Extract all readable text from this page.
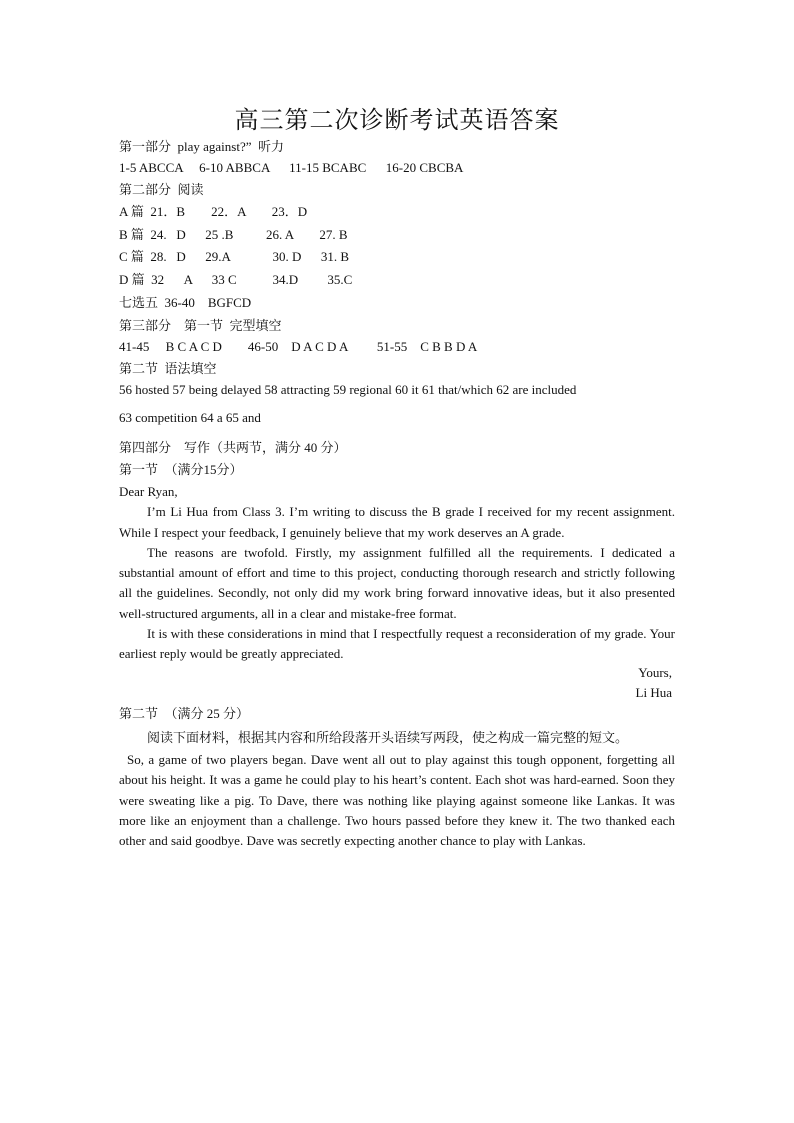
高三第二次诊断考试英语答案
第一部分  play against?”  听力
1-5 ABCCA     6-10 ABBCA      11-15 BCABC      16-20 CBCBA
第二部分  阅读
A 篇  21．B        22．A        23．D
B 篇  24.   D      25 .B          26. A        27. B
C 篇  28.   D      29.A             30. D      31. B
D 篇  32      A      33 C           34.D         35.C
七选五  36-40    BGFCD
第三部分    第一节  完型填空
41-45     B C A C D        46-50    D A C D A         51-55    C B B D A
第二节  语法填空
56 hosted 57 being delayed 58 attracting 59 regional 60 it 61 that/which 62 are included
63 competition 64 a 65 and
第四部分    写作（共两节，满分 40 分）
第一节  （满分15分）

Dear Ryan,

I’m Li Hua from Class 3. I’m writing to discuss the B grade I received for my recent assignment. While I respect your feedback, I genuinely believe that my work deserves an A grade.

The reasons are twofold. Firstly, my assignment fulfilled all the requirements. I dedicated a substantial amount of effort and time to this project, conducting thorough research and strictly following all the guidelines. Secondly, not only did my work bring forward innovative ideas, but it also presented well-structured arguments, all in a clear and mistake-free format.

It is with these considerations in mind that I respectfully request a reconsideration of my grade. Your earliest reply would be greatly appreciated.

Yours,
Li Hua
第二节  （满分 25 分）

阅读下面材料，根据其内容和所给段落开头语续写两段，使之构成一篇完整的短文。

So, a game of two players began. Dave went all out to play against this tough opponent, forgetting all about his height. It was a game he could play to his heart’s content. Each shot was hard-earned. Soon they were sweating like a pig. To Dave, there was nothing like playing against someone like Lankas. It was more like an enjoyment than a challenge. Two hours passed before they knew it. The two thanked each other and said goodbye. Dave was secretly expecting another chance to play with Lankas.
